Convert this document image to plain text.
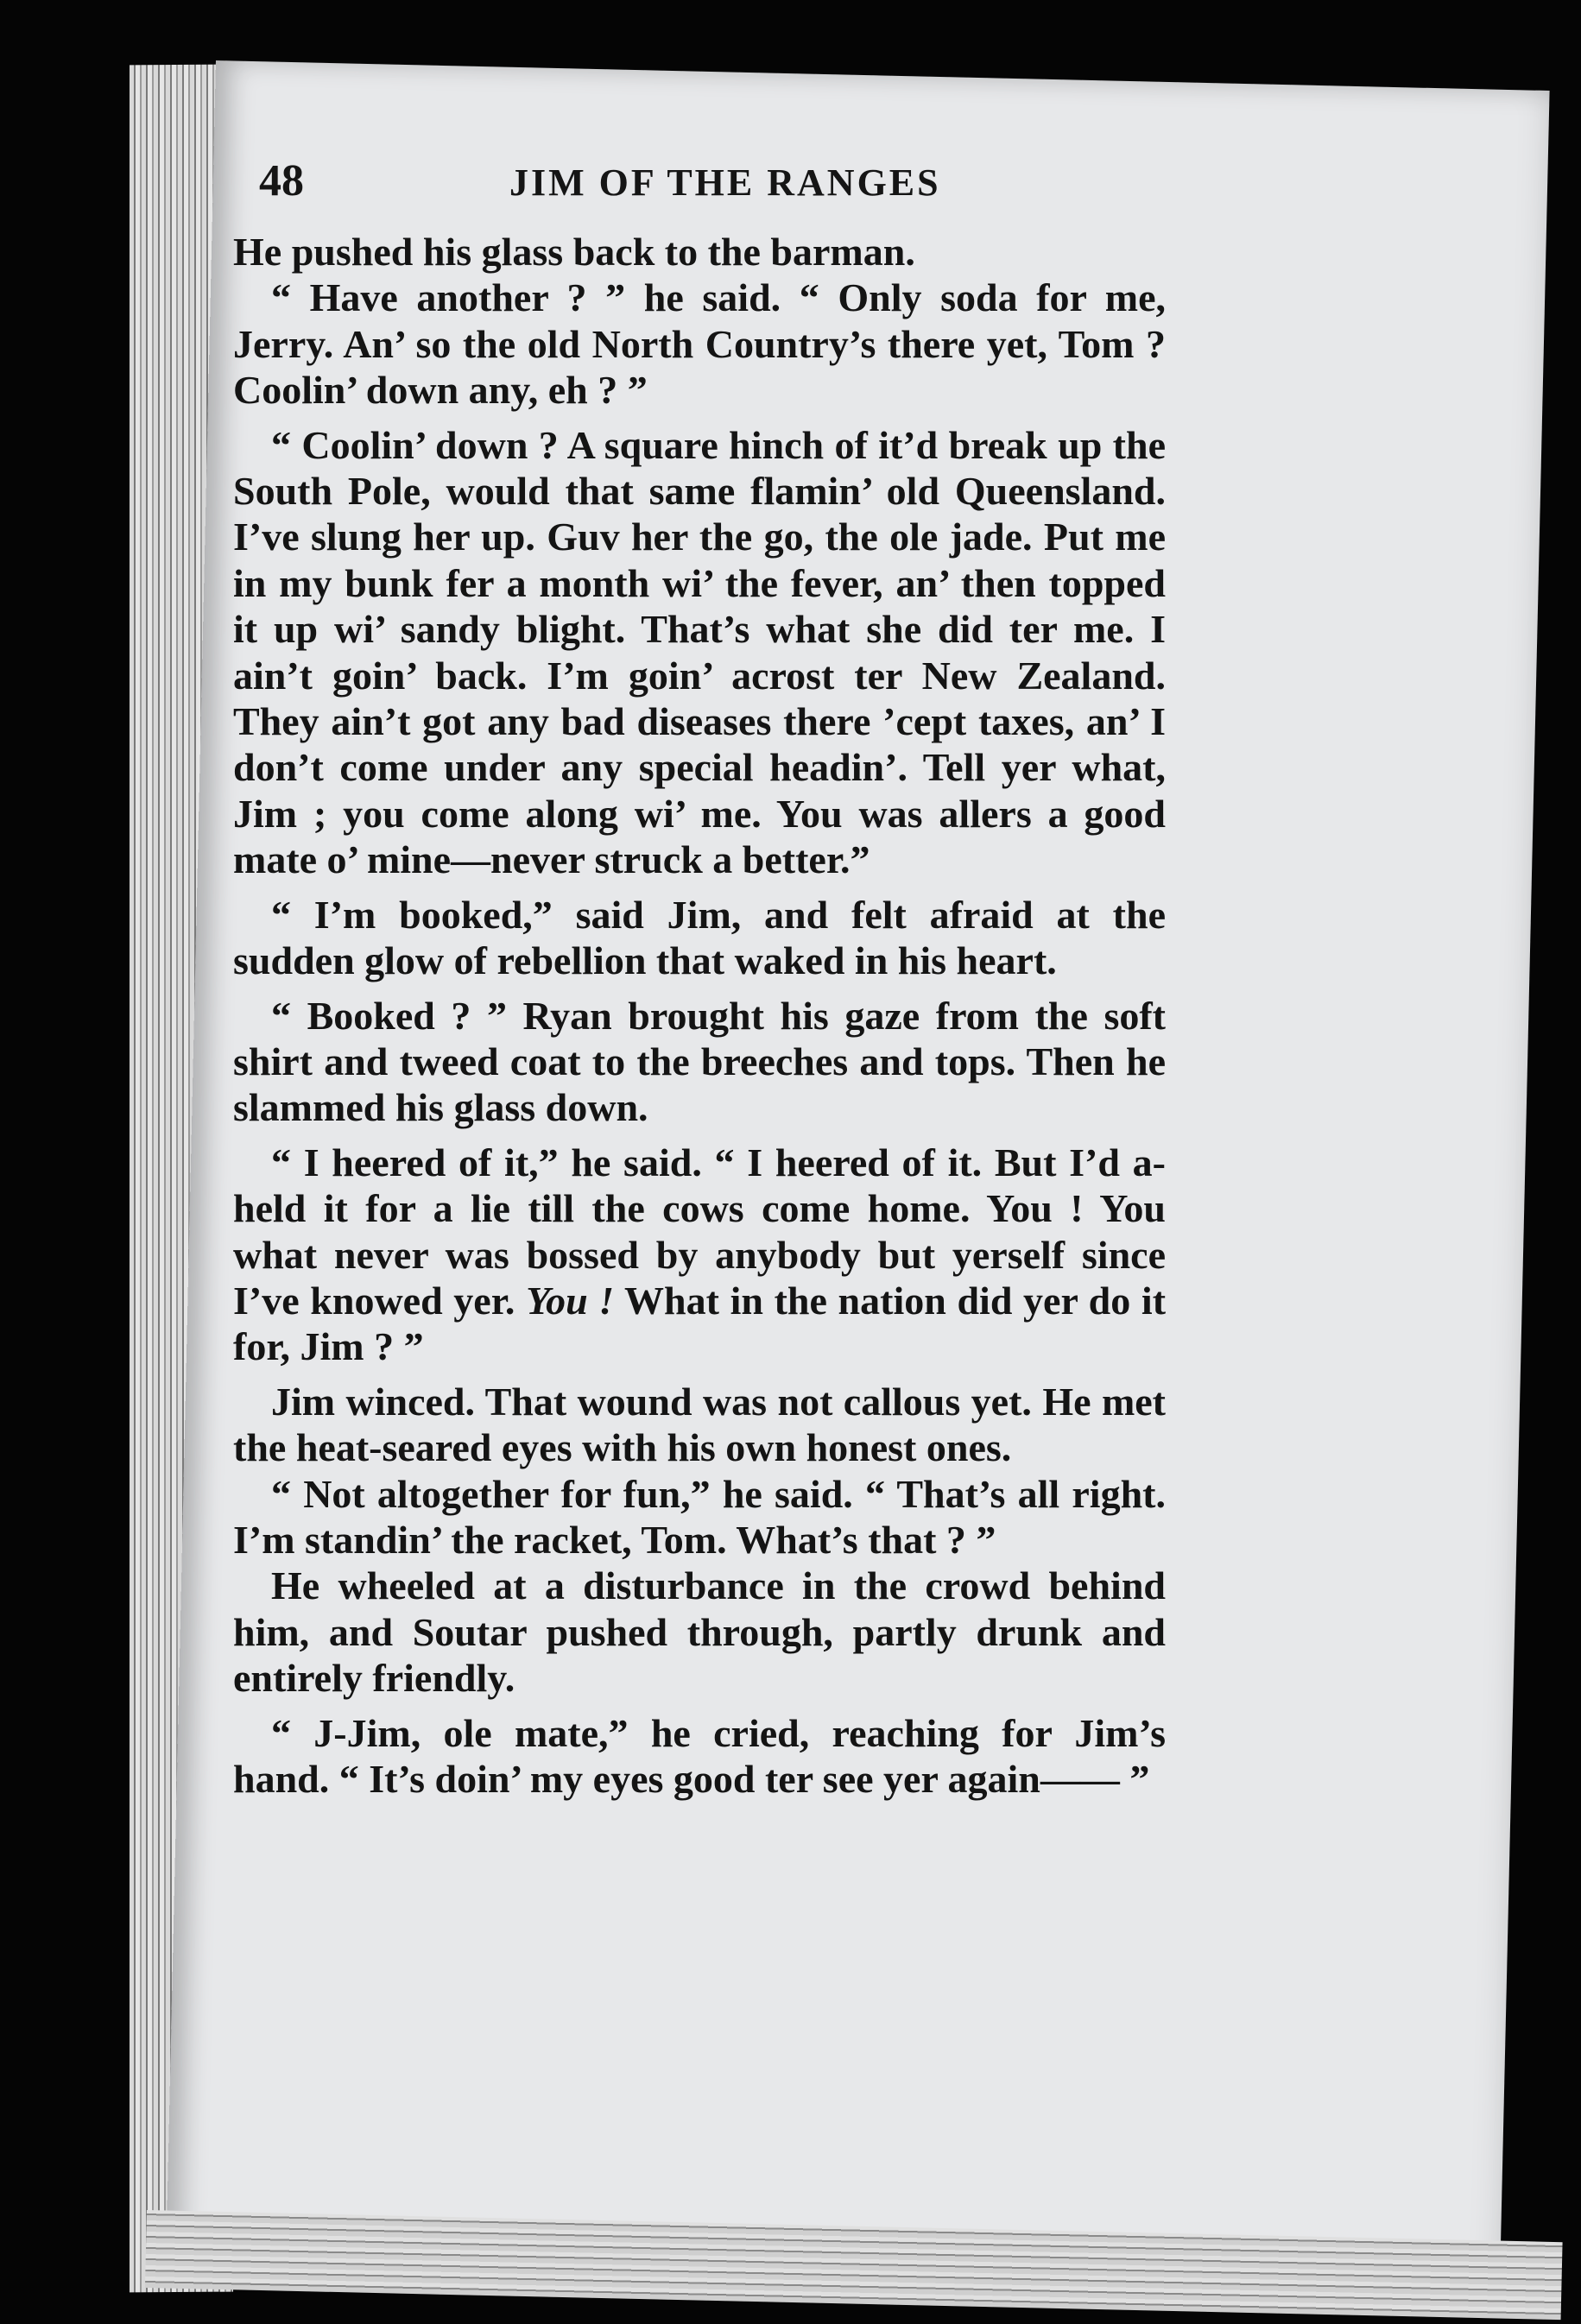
48	JIM OF THE RANGES

He pushed his glass back to the barman.

“ Have another ? ” he said. “ Only soda for me, Jerry. An’ so the old North Country’s there yet, Tom ? Coolin’ down any, eh ? ”

“ Coolin’ down ? A square hinch of it’d break up the South Pole, would that same flamin’ old Queensland. I’ve slung her up. Guv her the go, the ole jade. Put me in my bunk fer a month wi’ the fever, an’ then topped it up wi’ sandy blight. That’s what she did ter me. I ain’t goin’ back. I’m goin’ acrost ter New Zealand. They ain’t got any bad diseases there ’cept taxes, an’ I don’t come under any special headin’. Tell yer what, Jim ; you come along wi’ me. You was allers a good mate o’ mine—never struck a better.”

“ I’m booked,” said Jim, and felt afraid at the sudden glow of rebellion that waked in his heart.

“ Booked ? ” Ryan brought his gaze from the soft shirt and tweed coat to the breeches and tops. Then he slammed his glass down.

“ I heered of it,” he said. “ I heered of it. But I’d a-held it for a lie till the cows come home. You ! You what never was bossed by anybody but yerself since I’ve knowed yer. You ! What in the nation did yer do it for, Jim ? ”

Jim winced. That wound was not callous yet. He met the heat-seared eyes with his own honest ones.

“ Not altogether for fun,” he said. “ That’s all right. I’m standin’ the racket, Tom. What’s that ? ”

He wheeled at a disturbance in the crowd behind him, and Soutar pushed through, partly drunk and entirely friendly.

“ J-Jim, ole mate,” he cried, reaching for Jim’s hand. “ It’s doin’ my eyes good ter see yer again—— ”
